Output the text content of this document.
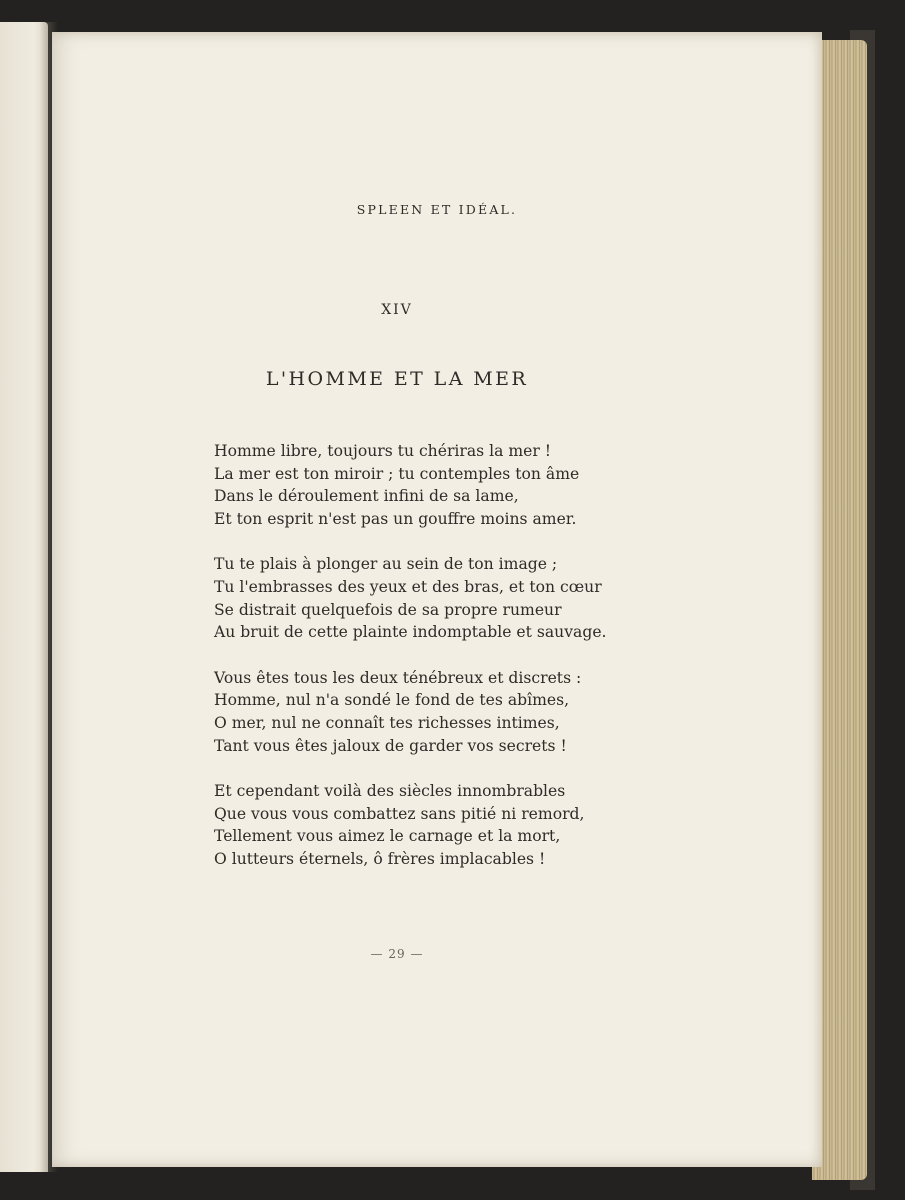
SPLEEN ET IDÉAL.
XIV
L'HOMME ET LA MER
Homme libre, toujours tu chériras la mer !
La mer est ton miroir ; tu contemples ton âme
Dans le déroulement infini de sa lame,
Et ton esprit n'est pas un gouffre moins amer.
Tu te plais à plonger au sein de ton image ;
Tu l'embrasses des yeux et des bras, et ton cœur
Se distrait quelquefois de sa propre rumeur
Au bruit de cette plainte indomptable et sauvage.
Vous êtes tous les deux ténébreux et discrets :
Homme, nul n'a sondé le fond de tes abîmes,
O mer, nul ne connaît tes richesses intimes,
Tant vous êtes jaloux de garder vos secrets !
Et cependant voilà des siècles innombrables
Que vous vous combattez sans pitié ni remord,
Tellement vous aimez le carnage et la mort,
O lutteurs éternels, ô frères implacables !
— 29 —
